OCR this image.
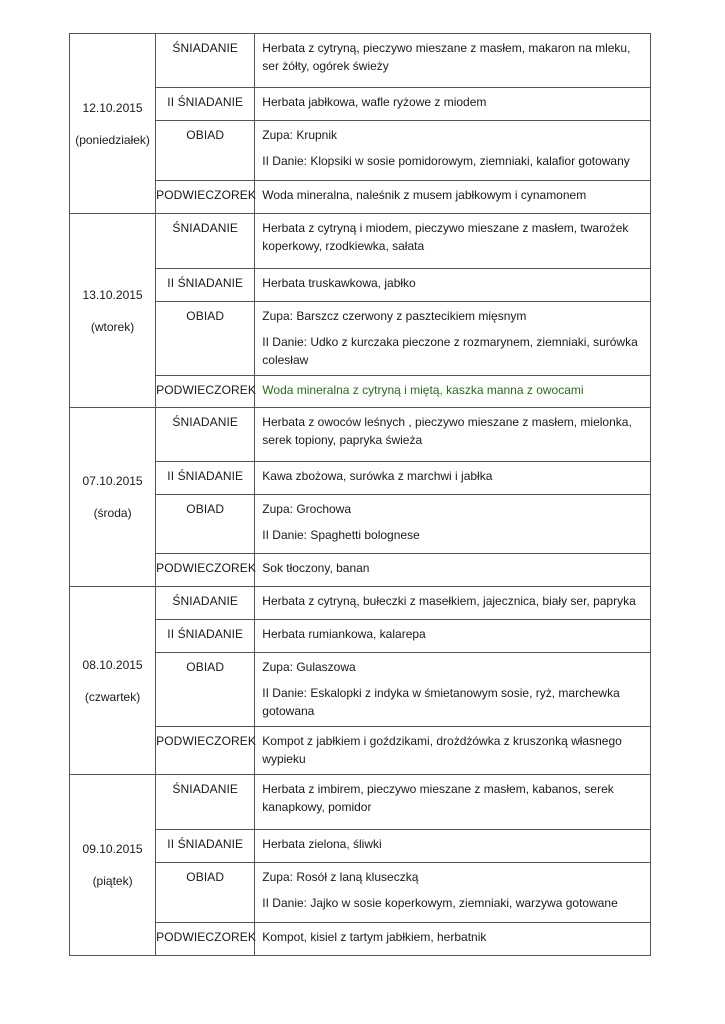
12.10.2015
(poniedziałek)	ŚNIADANIE	Herbata z cytryną, pieczywo mieszane z masłem, makaron na mleku, ser żółty, ogórek świeży

	II ŚNIADANIE	Herbata jabłkowa, wafle ryżowe z miodem

	OBIAD	Zupa: Krupnik
II Danie: Klopsiki w sosie pomidorowym, ziemniaki, kalafior gotowany

	PODWIECZOREK	Woda mineralna, naleśnik z musem jabłkowym i cynamonem

13.10.2015
(wtorek)	ŚNIADANIE	Herbata z cytryną i miodem, pieczywo mieszane z masłem, twarożek koperkowy, rzodkiewka, sałata

	II ŚNIADANIE	Herbata truskawkowa, jabłko

	OBIAD	Zupa: Barszcz czerwony z pasztecikiem mięsnym
II Danie: Udko z kurczaka pieczone z rozmarynem, ziemniaki, surówka colesław

	PODWIECZOREK	Woda mineralna z cytryną i miętą, kaszka manna z owocami

07.10.2015
(środa)	ŚNIADANIE	Herbata z owoców leśnych , pieczywo mieszane z masłem, mielonka, serek topiony, papryka świeża

	II ŚNIADANIE	Kawa zbożowa, surówka z marchwi i jabłka

	OBIAD	Zupa: Grochowa
II Danie: Spaghetti bolognese

	PODWIECZOREK	Sok tłoczony, banan

08.10.2015
(czwartek)	ŚNIADANIE	Herbata z cytryną, bułeczki z masełkiem, jajecznica, biały ser, papryka

	II ŚNIADANIE	Herbata rumiankowa, kalarepa

	OBIAD	Zupa: Gulaszowa
II Danie: Eskalopki z indyka w śmietanowym sosie, ryż, marchewka gotowana

	PODWIECZOREK	Kompot z jabłkiem i goździkami, drożdżówka z kruszonką własnego wypieku

09.10.2015
(piątek)	ŚNIADANIE	Herbata z imbirem, pieczywo mieszane z masłem, kabanos, serek kanapkowy, pomidor

	II ŚNIADANIE	Herbata zielona, śliwki

	OBIAD	Zupa: Rosół z laną kluseczką
II Danie: Jajko w sosie koperkowym, ziemniaki, warzywa gotowane

	PODWIECZOREK	Kompot, kisiel z tartym jabłkiem, herbatnik
